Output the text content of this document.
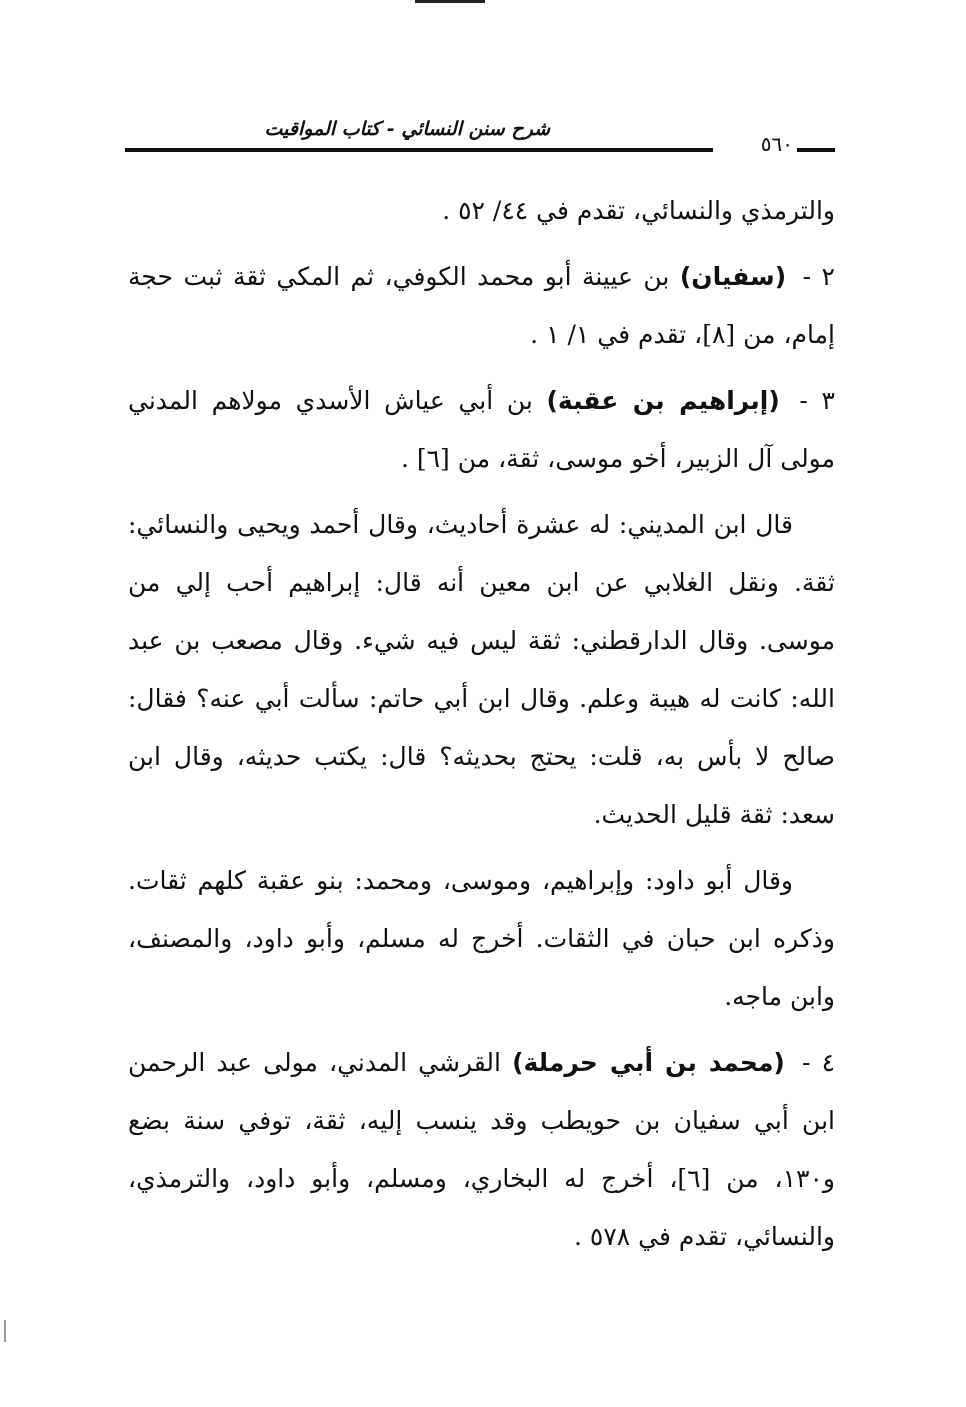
٥٦٠
شرح سنن النسائي - كتاب المواقيت

والترمذي والنسائي، تقدم في ٤٤/ ٥٢ .

٢ - (سفيان) بن عيينة أبو محمد الكوفي، ثم المكي ثقة ثبت حجة إمام، من [٨]، تقدم في ١/ ١ .

٣ - (إبراهيم بن عقبة) بن أبي عياش الأسدي مولاهم المدني مولى آل الزبير، أخو موسى، ثقة، من [٦] .

قال ابن المديني: له عشرة أحاديث، وقال أحمد ويحيى والنسائي: ثقة. ونقل الغلابي عن ابن معين أنه قال: إبراهيم أحب إلي من موسى. وقال الدارقطني: ثقة ليس فيه شيء. وقال مصعب بن عبد الله: كانت له هيبة وعلم. وقال ابن أبي حاتم: سألت أبي عنه؟ فقال: صالح لا بأس به، قلت: يحتج بحديثه؟ قال: يكتب حديثه، وقال ابن سعد: ثقة قليل الحديث.

وقال أبو داود: وإبراهيم، وموسى، ومحمد: بنو عقبة كلهم ثقات. وذكره ابن حبان في الثقات. أخرج له مسلم، وأبو داود، والمصنف، وابن ماجه.

٤ - (محمد بن أبي حرملة) القرشي المدني، مولى عبد الرحمن ابن أبي سفيان بن حويطب وقد ينسب إليه، ثقة، توفي سنة بضع و١٣٠، من [٦]، أخرج له البخاري، ومسلم، وأبو داود، والترمذي، والنسائي، تقدم في ٥٧٨ .
